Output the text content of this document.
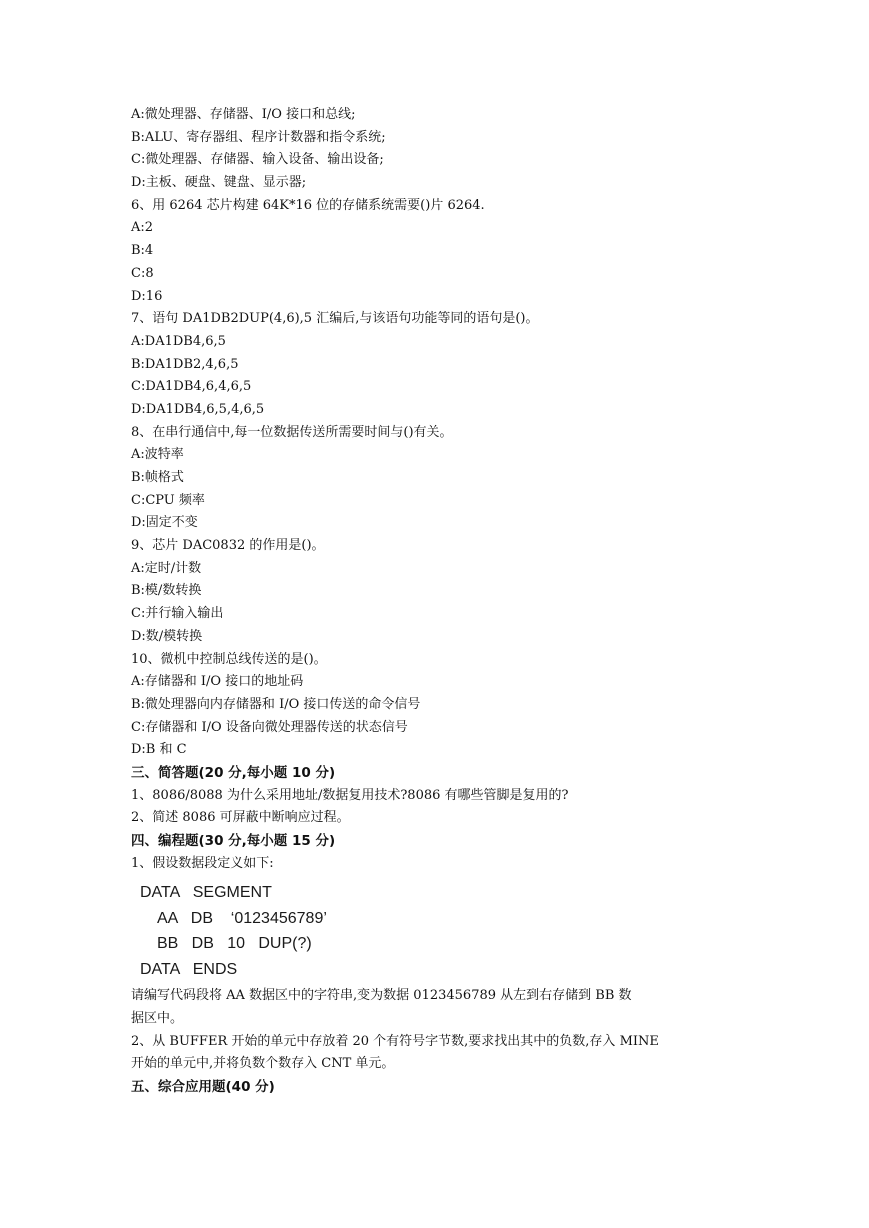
A:微处理器、存储器、I/O 接口和总线;
B:ALU、寄存器组、程序计数器和指令系统;
C:微处理器、存储器、输入设备、输出设备;
D:主板、硬盘、键盘、显示器;
6、用 6264 芯片构建 64K*16 位的存储系统需要()片 6264.
A:2
B:4
C:8
D:16
7、语句 DA1DB2DUP(4,6),5 汇编后,与该语句功能等同的语句是()。
A:DA1DB4,6,5
B:DA1DB2,4,6,5
C:DA1DB4,6,4,6,5
D:DA1DB4,6,5,4,6,5
8、在串行通信中,每一位数据传送所需要时间与()有关。
A:波特率
B:帧格式
C:CPU 频率
D:固定不变
9、芯片 DAC0832 的作用是()。
A:定时/计数
B:模/数转换
C:并行输入输出
D:数/模转换
10、微机中控制总线传送的是()。
A:存储器和 I/O 接口的地址码
B:微处理器向内存储器和 I/O 接口传送的命令信号
C:存储器和 I/O 设备向微处理器传送的状态信号
D:B 和 C
三、简答题(20 分,每小题 10 分)
1、8086/8088 为什么采用地址/数据复用技术?8086 有哪些管脚是复用的?
2、简述 8086 可屏蔽中断响应过程。
四、编程题(30 分,每小题 15 分)
1、假设数据段定义如下:
DATA   SEGMENT
AA   DB    ‘0123456789’
BB   DB   10   DUP(?)
DATA   ENDS
请编写代码段将 AA 数据区中的字符串,变为数据 0123456789 从左到右存储到 BB 数
据区中。
2、从 BUFFER 开始的单元中存放着 20 个有符号字节数,要求找出其中的负数,存入 MINE
开始的单元中,并将负数个数存入 CNT 单元。
五、综合应用题(40 分)
